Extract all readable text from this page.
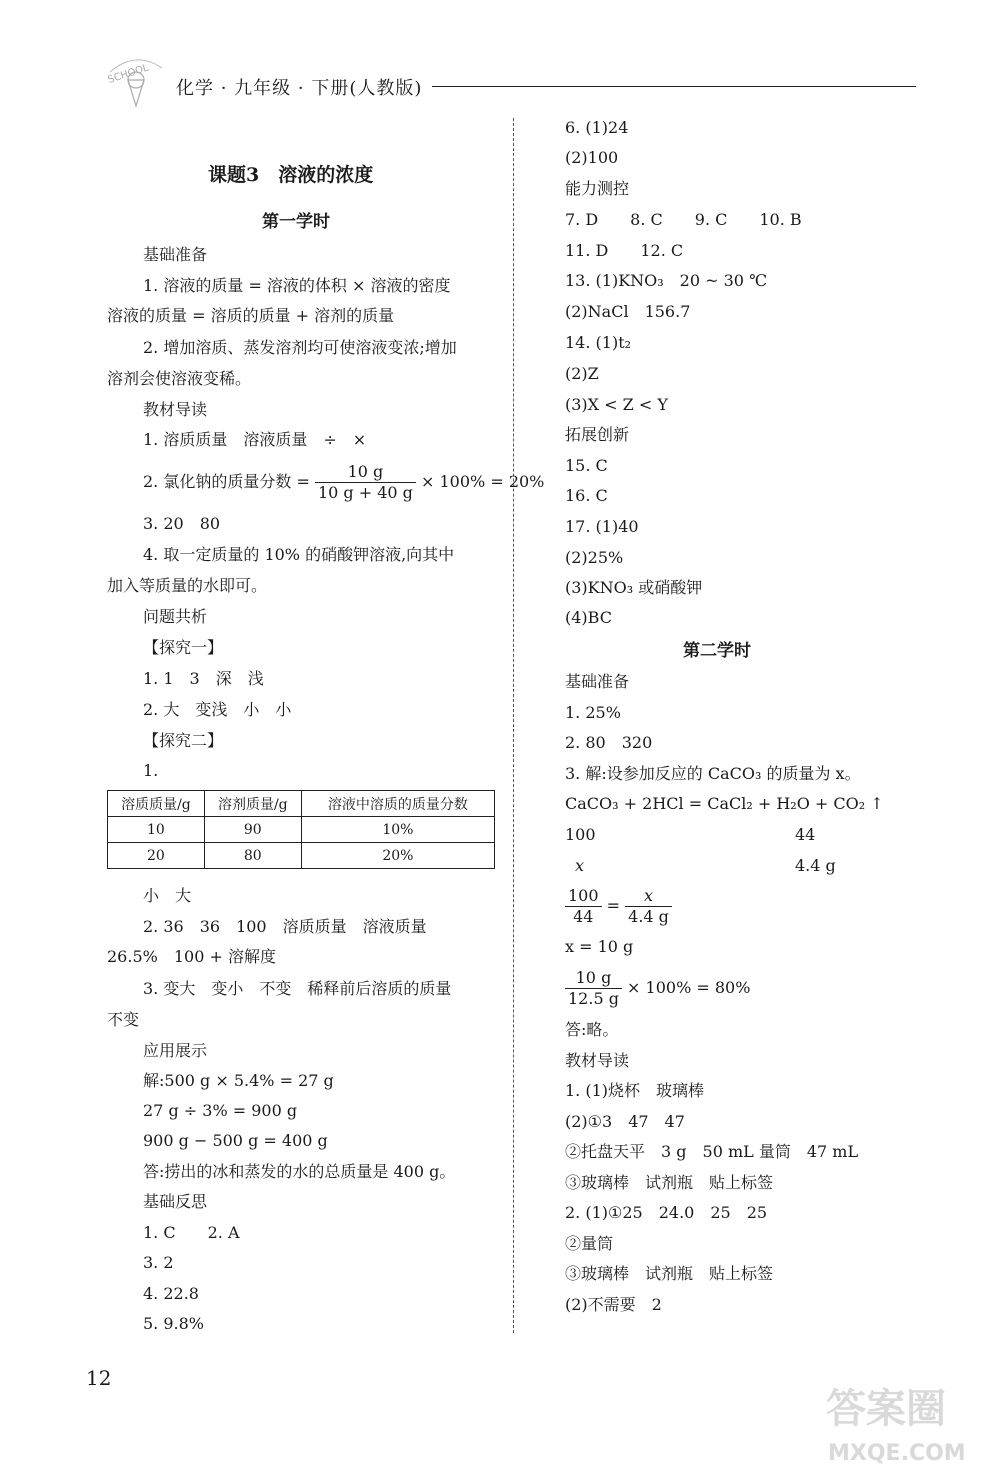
SCHOOL
化学 · 九年级 · 下册(人教版)
课题3　溶液的浓度
第一学时
基础准备
1. 溶液的质量 = 溶液的体积 × 溶液的密度
溶液的质量 = 溶质的质量 + 溶剂的质量
2. 增加溶质、蒸发溶剂均可使溶液变浓;增加
溶剂会使溶液变稀。
教材导读
1. 溶质质量　溶液质量　÷　×
2. 氯化钠的质量分数 = $\frac{10 g}{10 g + 40 g} \times 100\% = 20\%$
3. 20　80
4. 取一定质量的 10% 的硝酸钾溶液,向其中
加入等质量的水即可。
问题共析
【探究一】
1. 1　3　深　浅
2. 大　变浅　小　小
【探究二】
1.
溶质质量/g	溶剂质量/g	溶液中溶质的质量分数
10	90	10%
20	80	20%
小　大
2. 36　36　100　溶质质量　溶液质量
26.5%　100 + 溶解度
3. 变大　变小　不变　稀释前后溶质的质量
不变
应用展示
解:500 g × 5.4% = 27 g
27 g ÷ 3% = 900 g
900 g − 500 g = 400 g
答:捞出的冰和蒸发的水的总质量是 400 g。
基础反思
1. C　　2. A
3. 2
4. 22.8
5. 9.8%
6. (1)24
(2)100
能力测控
7. D　　8. C　　9. C　　10. B
11. D　　12. C
13. (1)KNO₃　20 ~ 30 ℃
(2)NaCl　156.7
14. (1)t₂
(2)Z
(3)X < Z < Y
拓展创新
15. C
16. C
17. (1)40
(2)25%
(3)KNO₃ 或硝酸钾
(4)BC
第二学时
基础准备
1. 25%
2. 80　320
3. 解:设参加反应的 CaCO₃ 的质量为 x。
CaCO₃ + 2HCl = CaCl₂ + H₂O + CO₂ ↑
100	44
x	4.4 g
$\frac{100}{44} = \frac{x}{4.4 g}$
x = 10 g
$\frac{10 g}{12.5 g} \times 100\% = 80\%$
答:略。
教材导读
1. (1)烧杯　玻璃棒
(2)①3　47　47
②托盘天平　3 g　50 mL 量筒　47 mL
③玻璃棒　试剂瓶　贴上标签
2. (1)①25　24.0　25　25
②量筒
③玻璃棒　试剂瓶　贴上标签
(2)不需要　2
12
答案圈
MXQE.COM
